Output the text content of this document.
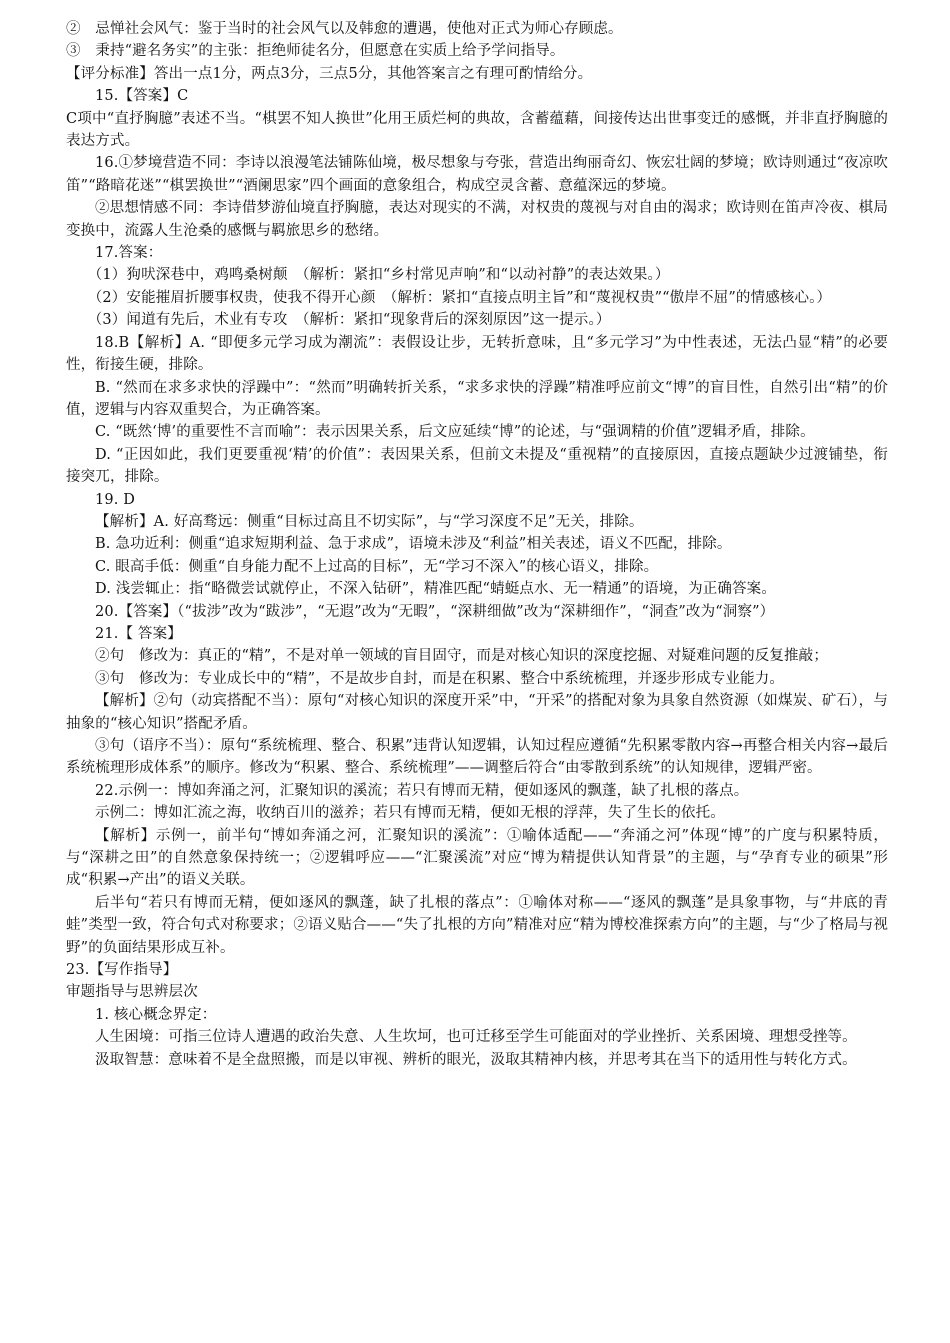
②　忌惮社会风气：鉴于当时的社会风气以及韩愈的遭遇，使他对正式为师心存顾虑。

③　秉持“避名务实”的主张：拒绝师徒名分，但愿意在实质上给予学问指导。

【评分标准】答出一点1分，两点3分，三点5分，其他答案言之有理可酌情给分。

15.【答案】C

C项中“直抒胸臆”表述不当。“棋罢不知人换世”化用王质烂柯的典故，含蓄蕴藉，间接传达出世事变迁的感慨，并非直抒胸臆的表达方式。

16.①梦境营造不同：李诗以浪漫笔法铺陈仙境，极尽想象与夸张，营造出绚丽奇幻、恢宏壮阔的梦境；欧诗则通过“夜凉吹笛”“路暗花迷”“棋罢换世”“酒阑思家”四个画面的意象组合，构成空灵含蓄、意蕴深远的梦境。

②思想情感不同：李诗借梦游仙境直抒胸臆，表达对现实的不满，对权贵的蔑视与对自由的渴求；欧诗则在笛声冷夜、棋局变换中，流露人生沧桑的感慨与羁旅思乡的愁绪。

17.答案：

（1）狗吠深巷中，鸡鸣桑树颠　（解析：紧扣“乡村常见声响”和“以动衬静”的表达效果。）

（2）安能摧眉折腰事权贵，使我不得开心颜　（解析：紧扣“直接点明主旨”和“蔑视权贵”“傲岸不屈”的情感核心。）

（3）闻道有先后，术业有专攻　（解析：紧扣“现象背后的深刻原因”这一提示。）

18.B【解析】A. “即便多元学习成为潮流”：表假设让步，无转折意味，且“多元学习”为中性表述，无法凸显“精”的必要性，衔接生硬，排除。

B. “然而在求多求快的浮躁中”：“然而”明确转折关系，“求多求快的浮躁”精准呼应前文“博”的盲目性，自然引出“精”的价值，逻辑与内容双重契合，为正确答案。

C. “既然‘博’的重要性不言而喻”：表示因果关系，后文应延续“博”的论述，与“强调精的价值”逻辑矛盾，排除。

D. “正因如此，我们更要重视‘精’的价值”：表因果关系，但前文未提及“重视精”的直接原因，直接点题缺少过渡铺垫，衔接突兀，排除。

19. D

【解析】A. 好高骛远：侧重“目标过高且不切实际”，与“学习深度不足”无关，排除。

B. 急功近利：侧重“追求短期利益、急于求成”，语境未涉及“利益”相关表述，语义不匹配，排除。

C. 眼高手低：侧重“自身能力配不上过高的目标”，无“学习不深入”的核心语义，排除。

D. 浅尝辄止：指“略微尝试就停止，不深入钻研”，精准匹配“蜻蜓点水、无一精通”的语境，为正确答案。

20.【答案】（“拔涉”改为“跋涉”，“无遐”改为“无暇”，“深耕细做”改为“深耕细作”，“洞查”改为“洞察”）

21.【 答案】

②句　修改为：真正的“精”，不是对单一领域的盲目固守，而是对核心知识的深度挖掘、对疑难问题的反复推敲；

③句　修改为：专业成长中的“精”，不是故步自封，而是在积累、整合中系统梳理，并逐步形成专业能力。

【解析】②句（动宾搭配不当）：原句“对核心知识的深度开采”中，“开采”的搭配对象为具象自然资源（如煤炭、矿石），与抽象的“核心知识”搭配矛盾。

③句（语序不当）：原句“系统梳理、整合、积累”违背认知逻辑，认知过程应遵循“先积累零散内容→再整合相关内容→最后系统梳理形成体系”的顺序。修改为“积累、整合、系统梳理”——调整后符合“由零散到系统”的认知规律，逻辑严密。

22.示例一：博如奔涌之河，汇聚知识的溪流；若只有博而无精，便如逐风的飘蓬，缺了扎根的落点。

示例二：博如汇流之海，收纳百川的滋养；若只有博而无精，便如无根的浮萍，失了生长的依托。

【解析】示例一，前半句“博如奔涌之河，汇聚知识的溪流”：①喻体适配——“奔涌之河”体现“博”的广度与积累特质，与“深耕之田”的自然意象保持统一；②逻辑呼应——“汇聚溪流”对应“博为精提供认知背景”的主题，与“孕育专业的硕果”形成“积累→产出”的语义关联。

后半句“若只有博而无精，便如逐风的飘蓬，缺了扎根的落点”：①喻体对称——“逐风的飘蓬”是具象事物，与“井底的青蛙”类型一致，符合句式对称要求；②语义贴合——“失了扎根的方向”精准对应“精为博校准探索方向”的主题，与“少了格局与视野”的负面结果形成互补。

23.【写作指导】

审题指导与思辨层次

1. 核心概念界定：

人生困境：可指三位诗人遭遇的政治失意、人生坎坷，也可迁移至学生可能面对的学业挫折、关系困境、理想受挫等。

汲取智慧：意味着不是全盘照搬，而是以审视、辨析的眼光，汲取其精神内核，并思考其在当下的适用性与转化方式。
